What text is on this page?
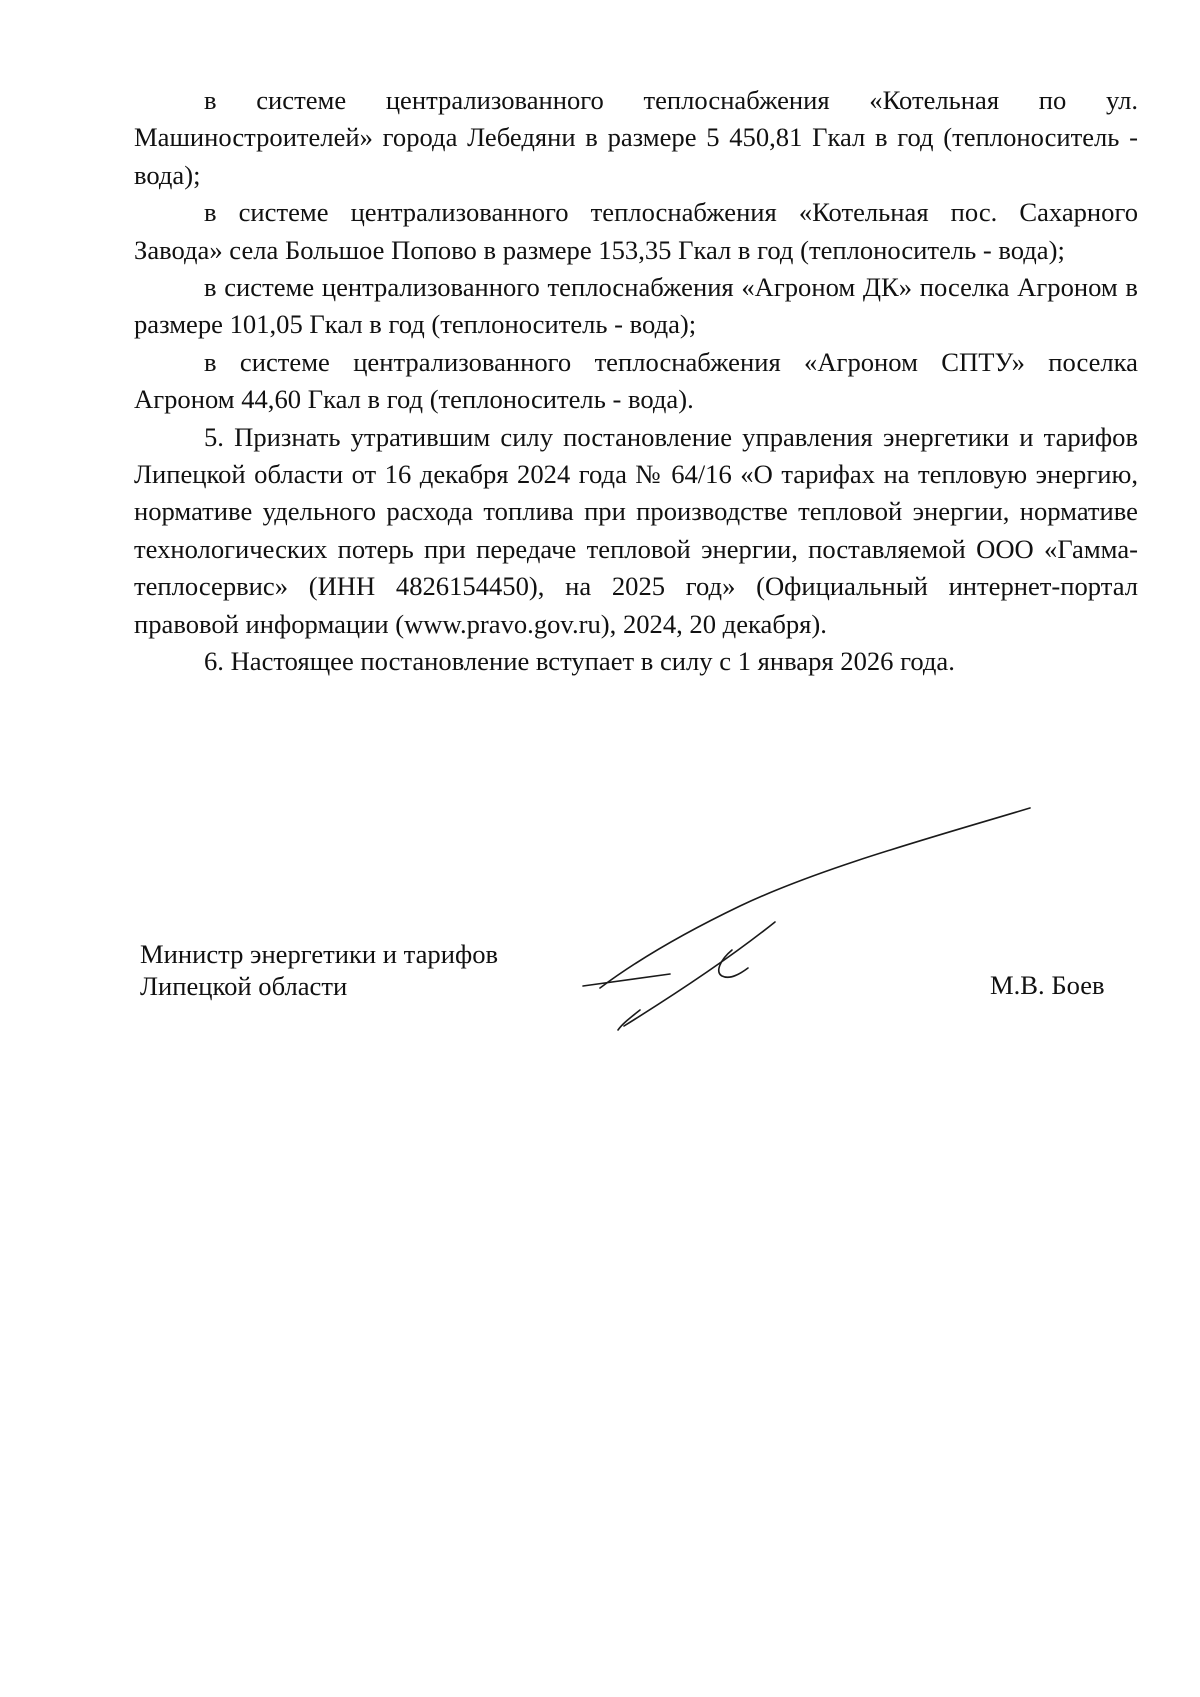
в системе централизованного теплоснабжения «Котельная по ул. Машиностроителей» города Лебедяни в размере 5 450,81 Гкал в год (теплоноситель - вода);

в системе централизованного теплоснабжения «Котельная пос. Сахарного Завода» села Большое Попово в размере 153,35 Гкал в год (теплоноситель - вода);

в системе централизованного теплоснабжения «Агроном ДК» поселка Агроном в размере 101,05 Гкал в год (теплоноситель - вода);

в системе централизованного теплоснабжения «Агроном СПТУ» поселка Агроном 44,60 Гкал в год (теплоноситель - вода).

5. Признать утратившим силу постановление управления энергетики и тарифов Липецкой области от 16 декабря 2024 года № 64/16 «О тарифах на тепловую энергию, нормативе удельного расхода топлива при производстве тепловой энергии, нормативе технологических потерь при передаче тепловой энергии, поставляемой ООО «Гамма-теплосервис» (ИНН 4826154450), на 2025 год» (Официальный интернет-портал правовой информации (www.pravo.gov.ru), 2024, 20 декабря).

6. Настоящее постановление вступает в силу с 1 января 2026 года.

Министр энергетики и тарифов
Липецкой области	М.В. Боев
